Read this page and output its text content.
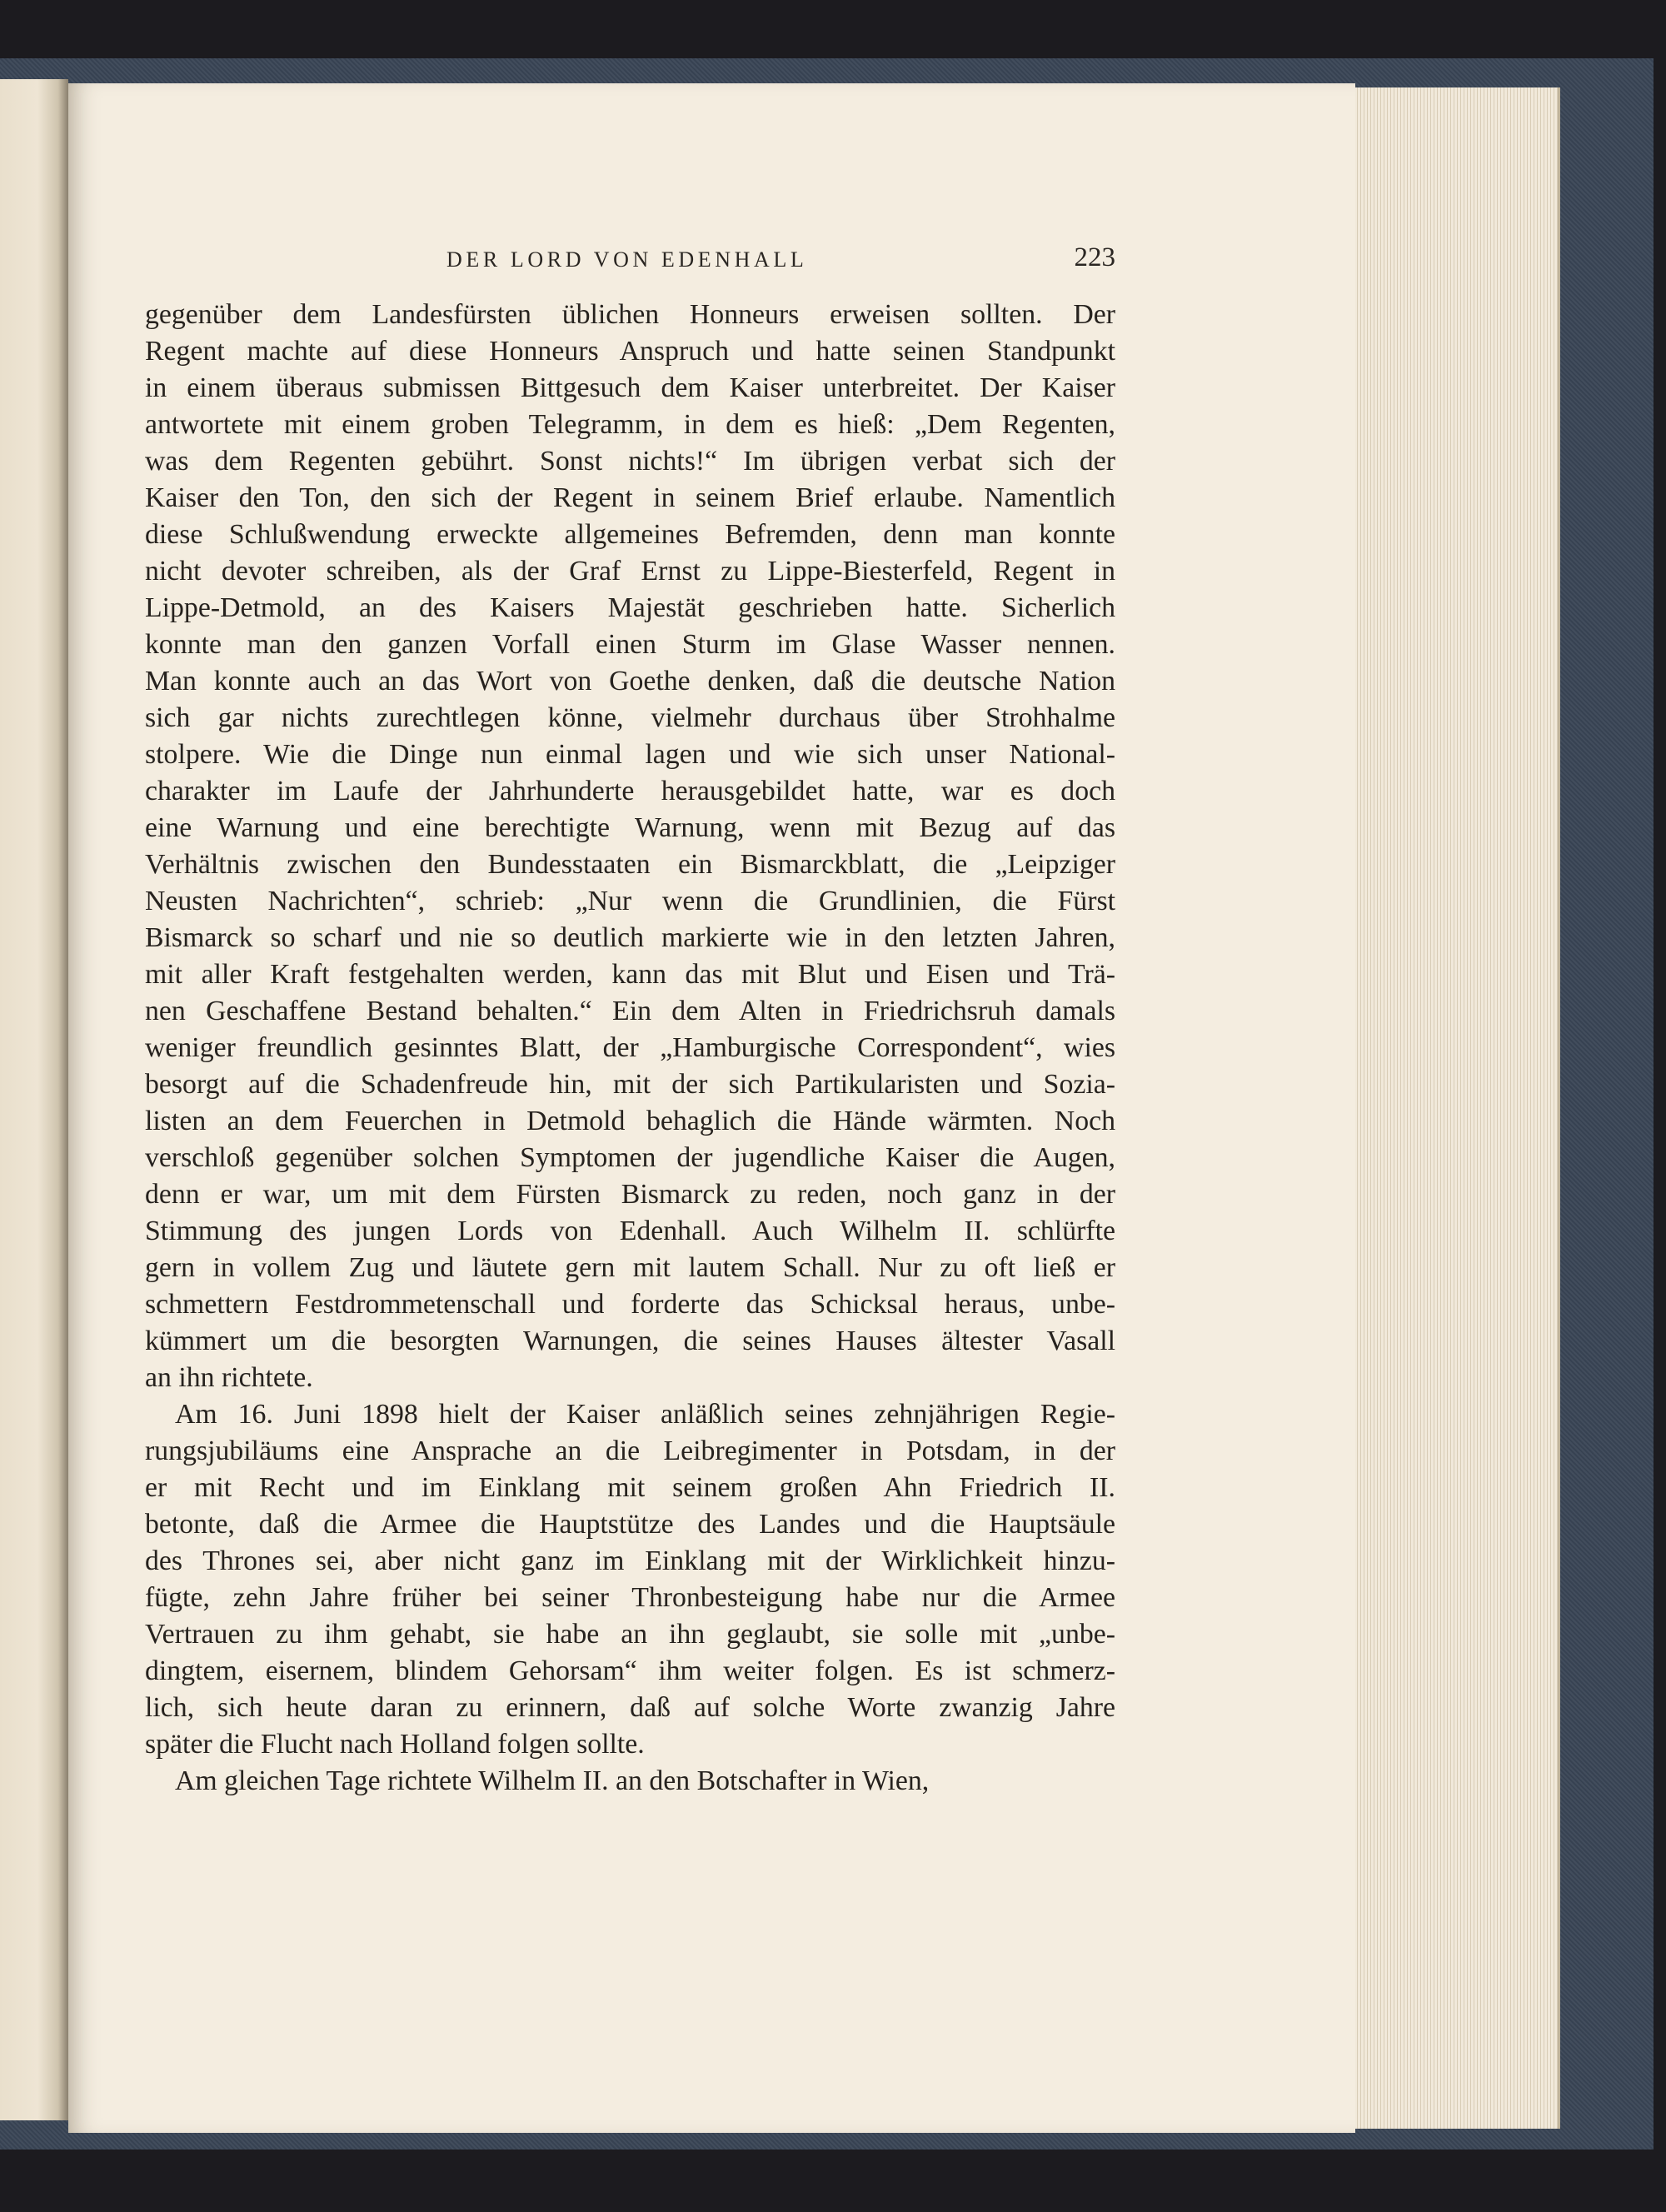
DER LORD VON EDENHALL	223
gegenüber dem Landesfürsten üblichen Honneurs erweisen sollten. Der
Regent machte auf diese Honneurs Anspruch und hatte seinen Standpunkt
in einem überaus submissen Bittgesuch dem Kaiser unterbreitet. Der Kaiser
antwortete mit einem groben Telegramm, in dem es hieß: „Dem Regenten,
was dem Regenten gebührt. Sonst nichts!“ Im übrigen verbat sich der
Kaiser den Ton, den sich der Regent in seinem Brief erlaube. Namentlich
diese Schlußwendung erweckte allgemeines Befremden, denn man konnte
nicht devoter schreiben, als der Graf Ernst zu Lippe-Biesterfeld, Regent in
Lippe-Detmold, an des Kaisers Majestät geschrieben hatte. Sicherlich
konnte man den ganzen Vorfall einen Sturm im Glase Wasser nennen.
Man konnte auch an das Wort von Goethe denken, daß die deutsche Nation
sich gar nichts zurechtlegen könne, vielmehr durchaus über Strohhalme
stolpere. Wie die Dinge nun einmal lagen und wie sich unser National-
charakter im Laufe der Jahrhunderte herausgebildet hatte, war es doch
eine Warnung und eine berechtigte Warnung, wenn mit Bezug auf das
Verhältnis zwischen den Bundesstaaten ein Bismarckblatt, die „Leipziger
Neusten Nachrichten“, schrieb: „Nur wenn die Grundlinien, die Fürst
Bismarck so scharf und nie so deutlich markierte wie in den letzten Jahren,
mit aller Kraft festgehalten werden, kann das mit Blut und Eisen und Trä-
nen Geschaffene Bestand behalten.“ Ein dem Alten in Friedrichsruh damals
weniger freundlich gesinntes Blatt, der „Hamburgische Correspondent“, wies
besorgt auf die Schadenfreude hin, mit der sich Partikularisten und Sozia-
listen an dem Feuerchen in Detmold behaglich die Hände wärmten. Noch
verschloß gegenüber solchen Symptomen der jugendliche Kaiser die Augen,
denn er war, um mit dem Fürsten Bismarck zu reden, noch ganz in der
Stimmung des jungen Lords von Edenhall. Auch Wilhelm II. schlürfte
gern in vollem Zug und läutete gern mit lautem Schall. Nur zu oft ließ er
schmettern Festdrommetenschall und forderte das Schicksal heraus, unbe-
kümmert um die besorgten Warnungen, die seines Hauses ältester Vasall
an ihn richtete.
Am 16. Juni 1898 hielt der Kaiser anläßlich seines zehnjährigen Regie-
rungsjubiläums eine Ansprache an die Leibregimenter in Potsdam, in der
er mit Recht und im Einklang mit seinem großen Ahn Friedrich II.
betonte, daß die Armee die Hauptstütze des Landes und die Hauptsäule
des Thrones sei, aber nicht ganz im Einklang mit der Wirklichkeit hinzu-
fügte, zehn Jahre früher bei seiner Thronbesteigung habe nur die Armee
Vertrauen zu ihm gehabt, sie habe an ihn geglaubt, sie solle mit „unbe-
dingtem, eisernem, blindem Gehorsam“ ihm weiter folgen. Es ist schmerz-
lich, sich heute daran zu erinnern, daß auf solche Worte zwanzig Jahre
später die Flucht nach Holland folgen sollte.
Am gleichen Tage richtete Wilhelm II. an den Botschafter in Wien,
